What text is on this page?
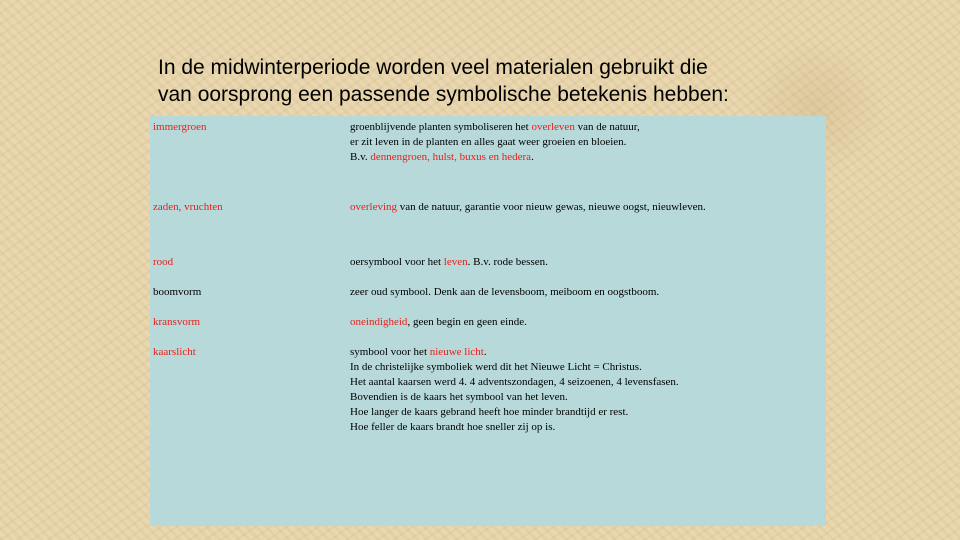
In de midwinterperiode worden veel materialen gebruikt die
van oorsprong een passende symbolische betekenis hebben:
immergroen	groenblijvende planten symboliseren het overleven van de natuur,
er zit leven in de planten en alles gaat weer groeien en bloeien.
B.v. dennengroen, hulst, buxus en hedera.
zaden, vruchten	overleving van de natuur, garantie voor nieuw gewas, nieuwe oogst, nieuwleven.
rood	oersymbool voor het leven. B.v. rode bessen.
boomvorm	zeer oud symbool. Denk aan de levensboom, meiboom en oogstboom.
kransvorm	oneindigheid, geen begin en geen einde.
kaarslicht	symbool voor het nieuwe licht.
In de christelijke symboliek werd dit het Nieuwe Licht = Christus.
Het aantal kaarsen werd 4. 4 adventszondagen, 4 seizoenen, 4 levensfasen.
Bovendien is de kaars het symbool van het leven.
Hoe langer de kaars gebrand heeft hoe minder brandtijd er rest.
Hoe feller de kaars brandt hoe sneller zij op is.
